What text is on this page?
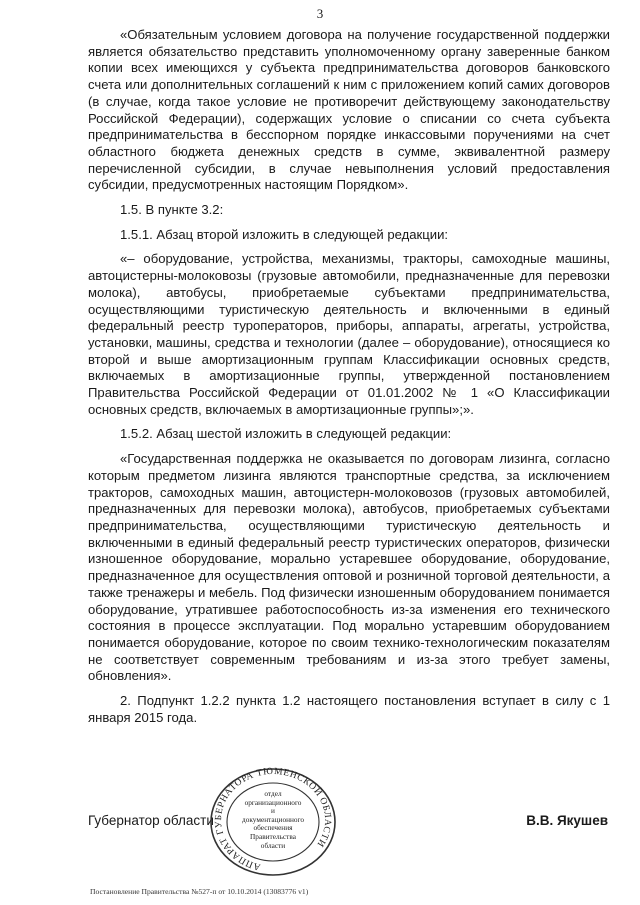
3

«Обязательным условием договора на получение государственной поддержки является обязательство представить уполномоченному органу заверенные банком копии всех имеющихся у субъекта предпринимательства договоров банковского счета или дополнительных соглашений к ним с приложением копий самих договоров (в случае, когда такое условие не противоречит действующему законодательству Российской Федерации), содержащих условие о списании со счета субъекта предпринимательства в бесспорном порядке инкассовыми поручениями на счет областного бюджета денежных средств в сумме, эквивалентной размеру перечисленной субсидии, в случае невыполнения условий предоставления субсидии, предусмотренных настоящим Порядком».

1.5. В пункте 3.2:

1.5.1. Абзац второй изложить в следующей редакции:

«– оборудование, устройства, механизмы, тракторы, самоходные машины, автоцистерны-молоковозы (грузовые автомобили, предназначенные для перевозки молока), автобусы, приобретаемые субъектами предпринимательства, осуществляющими туристическую деятельность и включенными в единый федеральный реестр туроператоров, приборы, аппараты, агрегаты, устройства, установки, машины, средства и технологии (далее – оборудование), относящиеся ко второй и выше амортизационным группам Классификации основных средств, включаемых в амортизационные группы, утвержденной постановлением Правительства Российской Федерации от 01.01.2002 № 1 «О Классификации основных средств, включаемых в амортизационные группы»;».

1.5.2. Абзац шестой изложить в следующей редакции:

«Государственная поддержка не оказывается по договорам лизинга, согласно которым предметом лизинга являются транспортные средства, за исключением тракторов, самоходных машин, автоцистерн-молоковозов (грузовых автомобилей, предназначенных для перевозки молока), автобусов, приобретаемых субъектами предпринимательства, осуществляющими туристическую деятельность и включенными в единый федеральный реестр туристических операторов, физически изношенное оборудование, морально устаревшее оборудование, оборудование, предназначенное для осуществления оптовой и розничной торговой деятельности, а также тренажеры и мебель. Под физически изношенным оборудованием понимается оборудование, утратившее работоспособность из-за изменения его технического состояния в процессе эксплуатации. Под морально устаревшим оборудованием понимается оборудование, которое по своим технико-технологическим показателям не соответствует современным требованиям и из-за этого требует замены, обновления».

2. Подпункт 1.2.2 пункта 1.2 настоящего постановления вступает в силу с 1 января 2015 года.

Губернатор области	В.В. Якушев
АППАРАТ ГУБЕРНАТОРА ТЮМЕНСКОЙ ОБЛАСТИ
отдел
организационного
и
документационного
обеспечения
Правительства
области
Постановление Правительства №527-п от 10.10.2014 (13083776 v1)
